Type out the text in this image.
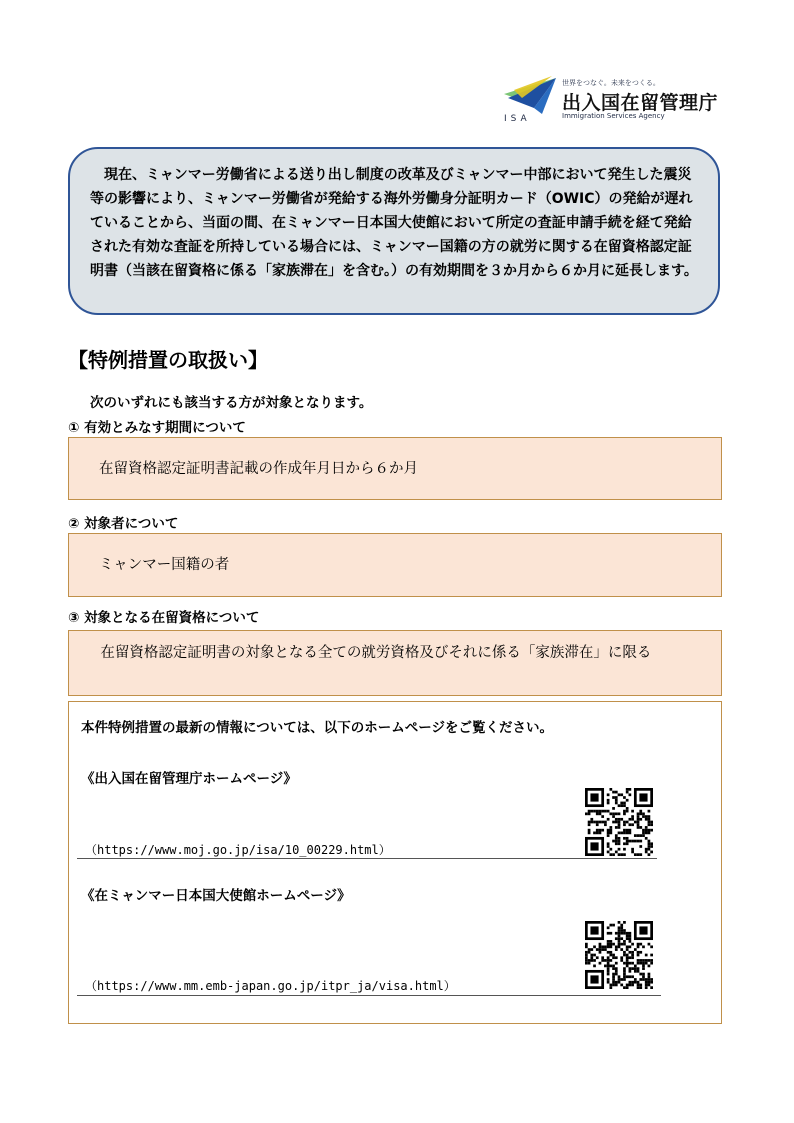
ISA
世界をつなぐ。未来をつくる。
出入国在留管理庁
Immigration Services Agency

現在、ミャンマー労働省による送り出し制度の改革及びミャンマー中部において発生した震災等の影響により、ミャンマー労働省が発給する海外労働身分証明カード（OWIC）の発給が遅れていることから、当面の間、在ミャンマー日本国大使館において所定の査証申請手続を経て発給された有効な査証を所持している場合には、ミャンマー国籍の方の就労に関する在留資格認定証明書（当該在留資格に係る「家族滞在」を含む。）の有効期間を３か月から６か月に延長します。

【特例措置の取扱い】
次のいずれにも該当する方が対象となります。
① 有効とみなす期間について
在留資格認定証明書記載の作成年月日から６か月
② 対象者について
ミャンマー国籍の者
③ 対象となる在留資格について
在留資格認定証明書の対象となる全ての就労資格及びそれに係る「家族滞在」に限る
本件特例措置の最新の情報については、以下のホームページをご覧ください。
《出入国在留管理庁ホームページ》
（https://www.moj.go.jp/isa/10_00229.html）
《在ミャンマー日本国大使館ホームページ》
（https://www.mm.emb-japan.go.jp/itpr_ja/visa.html）
